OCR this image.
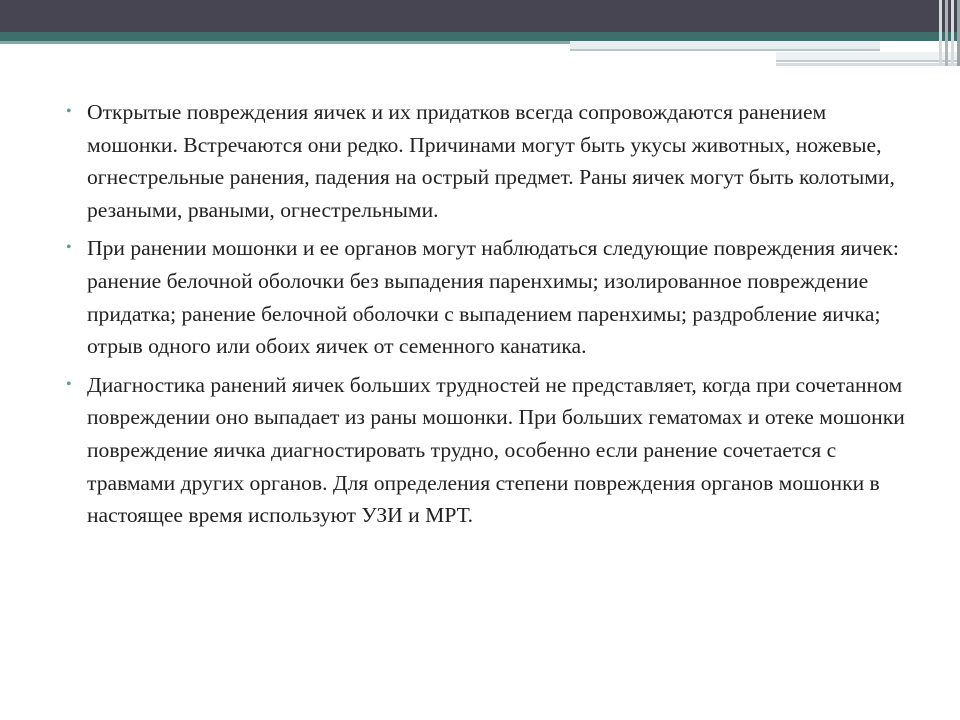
• Открытые повреждения яичек и их придатков всегда сопровождаются ранением мошонки. Встречаются они редко. Причинами могут быть укусы животных, ножевые, огнестрельные ранения, падения на острый предмет. Раны яичек могут быть колотыми, резаными, рваными, огнестрельными.
• При ранении мошонки и ее органов могут наблюдаться следующие повреждения яичек: ранение белочной оболочки без выпадения паренхимы; изолированное повреждение придатка; ранение белочной оболочки с выпадением паренхимы; раздробление яичка; отрыв одного или обоих яичек от семенного канатика.
• Диагностика ранений яичек больших трудностей не представляет, когда при сочетанном повреждении оно выпадает из раны мошонки. При больших гематомах и отеке мошонки повреждение яичка диагностировать трудно, особенно если ранение сочетается с травмами других органов. Для определения степени повреждения органов мошонки в настоящее время используют УЗИ и МРТ.
